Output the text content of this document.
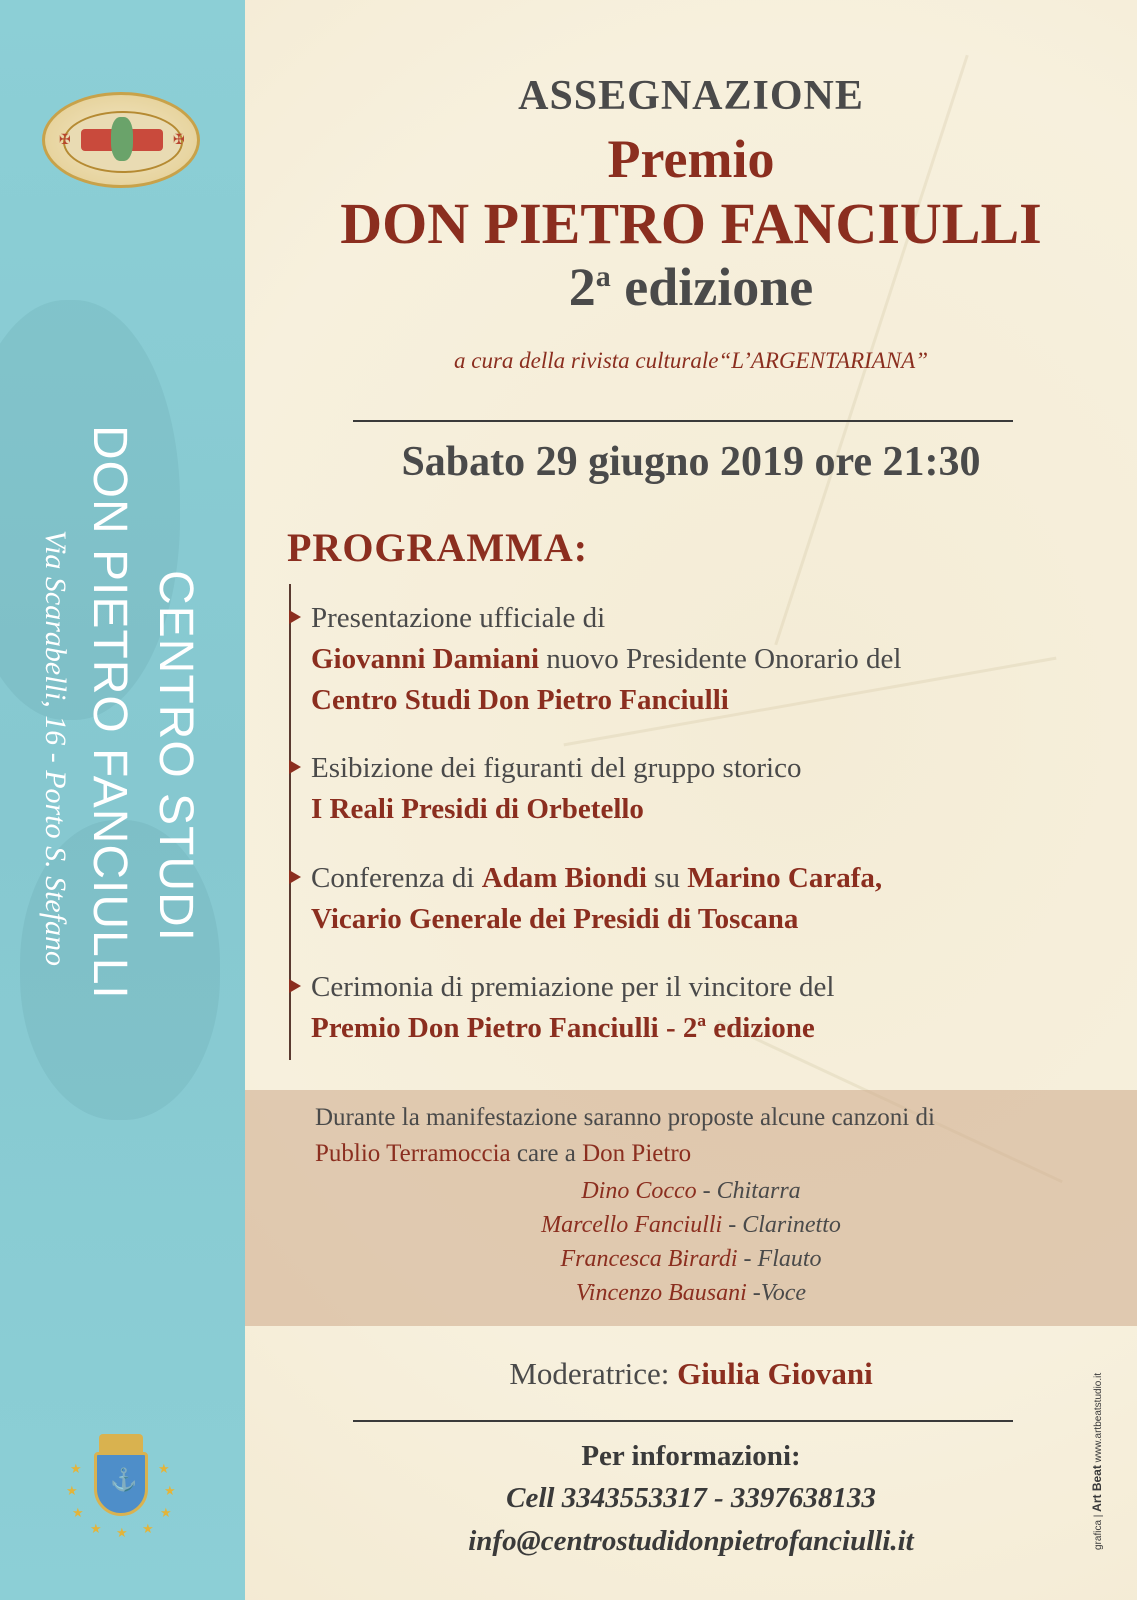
✠	✠
CENTRO STUDI
DON PIETRO FANCIULLI
Via Scarabelli, 16 - Porto S. Stefano
⚓
★
★
★
★ ★ ★
★
★
★
ASSEGNAZIONE
Premio
DON PIETRO FANCIULLI
2$^a$ edizione
a cura della rivista culturale“L’ARGENTARIANA”
Sabato 29 giugno 2019 ore 21:30
PROGRAMMA:
Presentazione ufficiale di
Giovanni Damiani nuovo Presidente Onorario del
Centro Studi Don Pietro Fanciulli
Esibizione dei figuranti del gruppo storico
I Reali Presidi di Orbetello
Conferenza di Adam Biondi su Marino Carafa,
Vicario Generale dei Presidi di Toscana
Cerimonia di premiazione per il vincitore del
Premio Don Pietro Fanciulli - 2ª edizione
Durante la manifestazione saranno proposte alcune canzoni di
Publio Terramoccia care a Don Pietro
Dino Cocco - Chitarra
Marcello Fanciulli - Clarinetto
Francesca Birardi - Flauto
Vincenzo Bausani -Voce
Moderatrice: Giulia Giovani
Per informazioni:
Cell 3343553317 - 3397638133
info@centrostudidonpietrofanciulli.it	grafica | Art Beat www.artbeatstudio.it
